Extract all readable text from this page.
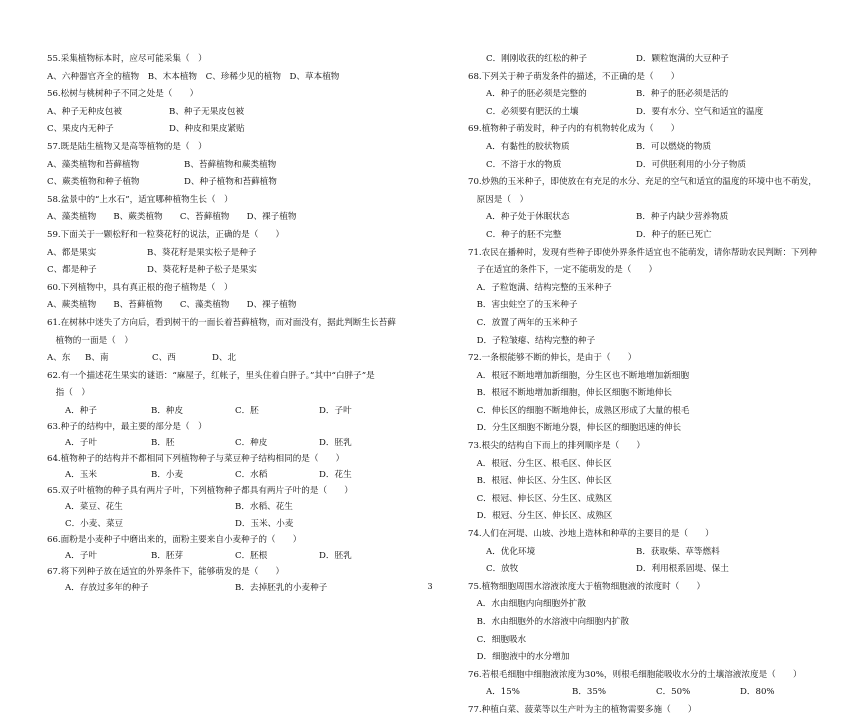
55.采集植物标本时，应尽可能采集（　）
A、六种器官齐全的植物　B、木本植物　C、珍稀少见的植物　D、草本植物
56.松树与桃树种子不同之处是（　　）
A、种子无种皮包被	B、种子无果皮包被
C、果皮内无种子	D、种皮和果皮紧贴
57.既是陆生植物又是高等植物的是（　）
A、藻类植物和苔藓植物	B、苔藓植物和蕨类植物
C、蕨类植物和种子植物	D、种子植物和苔藓植物
58.盆景中的“上水石”，适宜哪种植物生长（　）
A、藻类植物　　B、蕨类植物　　C、苔藓植物　　D、裸子植物
59.下面关于一颗松籽和一粒葵花籽的说法，正确的是（　　）
A、都是果实	B、葵花籽是果实松子是种子
C、都是种子	D、葵花籽是种子松子是果实
60.下列植物中，具有真正根的孢子植物是（　）
A、蕨类植物　　B、苔藓植物　　C、藻类植物　　D、裸子植物
61.在树林中迷失了方向后，看到树干的一面长着苔藓植物，而对面没有，据此判断生长苔藓
　植物的一面是（　）
A、东 B、南	C、西	D、北
62.有一个描述花生果实的谜语：“麻屋子，红帐子，里头住着白胖子。”其中“白胖子”是
　指（　）
A．种子	B．种皮	C．胚	D．子叶
63.种子的结构中，最主要的部分是（　）
A．子叶	B．胚	C．种皮	D．胚乳
64.植物种子的结构并不都相同下列植物种子与菜豆种子结构相同的是（　　）
A．玉米	B．小麦	C．水稻	D．花生
65.双子叶植物的种子具有两片子叶，下列植物种子都具有两片子叶的是（　　）
A．菜豆、花生	B．水稻、花生
C．小麦、菜豆	D．玉米、小麦
66.面粉是小麦种子中磨出来的，面粉主要来自小麦种子的（　　）
A．子叶	B．胚芽	C．胚根	D．胚乳
67.将下列种子放在适宜的外界条件下，能够萌发的是（　　）
A．存放过多年的种子	B．去掉胚乳的小麦种子
C．刚刚收获的红松的种子	D．颗粒饱满的大豆种子
68.下列关于种子萌发条件的描述，不正确的是（　　）
A．种子的胚必须是完整的	B．种子的胚必须是活的
C．必须要有肥沃的土壤	D．要有水分、空气和适宜的温度
69.植物种子萌发时，种子内的有机物转化成为（　　）
A．有黏性的胶状物质	B．可以燃烧的物质
C．不溶于水的物质	D．可供胚利用的小分子物质
70.炒熟的玉米种子，即使放在有充足的水分、充足的空气和适宜的温度的环境中也不萌发，
　原因是（　）
A．种子处于休眠状态	B．种子内缺少营养物质
C．种子的胚不完整	D．种子的胚已死亡
71.农民在播种时，发现有些种子即使外界条件适宜也不能萌发，请你帮助农民判断：下列种
　子在适宜的条件下，一定不能萌发的是（　　）
　A．子粒饱满、结构完整的玉米种子
　B．害虫蛀空了的玉米种子
　C．放置了两年的玉米种子
　D．子粒皱瘪、结构完整的种子
72.一条根能够不断的伸长，是由于（　　）
　A．根冠不断地增加新细胞，分生区也不断地增加新细胞
　B．根冠不断地增加新细胞，伸长区细胞不断地伸长
　C．伸长区的细胞不断地伸长，成熟区形成了大量的根毛
　D．分生区细胞不断地分裂，伸长区的细胞迅速的伸长
73.根尖的结构自下而上的排列顺序是（　　）
　A．根冠、分生区、根毛区、伸长区
　B．根冠、伸长区、分生区、伸长区
　C．根冠、伸长区、分生区、成熟区
　D．根冠、分生区、伸长区、成熟区
74.人们在河堤、山坡、沙地上造林和种草的主要目的是（　　）
A．优化环境	B．获取柴、草等燃料
C．放牧	D．利用根系固堤、保土
75.植物细胞周围水溶液浓度大于植物细胞液的浓度时（　　）
　A．水由细胞内向细胞外扩散
　B．水由细胞外的水溶液中向细胞内扩散
　C．细胞吸水
　D．细胞液中的水分增加
76.若根毛细胞中细胞液浓度为30%，则根毛细胞能吸收水分的土壤溶液浓度是（　　）
A．15%	B．35%	C．50%	D．80%
77.种植白菜、菠菜等以生产叶为主的植物需要多施（　　）
3
